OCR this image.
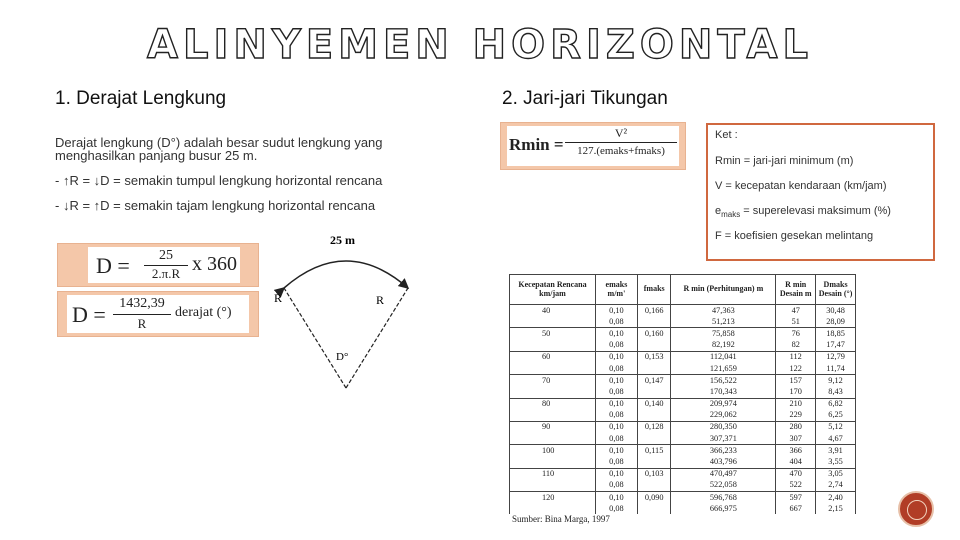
ALINYEMEN HORIZONTAL
1. Derajat Lengkung
Derajat lengkung (D°) adalah besar sudut lengkung yang menghasilkan panjang busur 25 m.
- ↑R = ↓D = semakin tumpul lengkung horizontal rencana
- ↓R = ↑D = semakin tajam lengkung horizontal rencana
D =	25
2.π.R x 360
D = 1432,39
R
derajat (°)
25 m
R	R
D°
2. Jari-jari Tikungan
Rmin =
V²
127.(emaks+fmaks)
Ket :
Rmin = jari-jari minimum (m)
V = kecepatan kendaraan (km/jam)
$e_{maks}$ = superelevasi maksimum (%)
F = koefisien gesekan melintang
Kecepatan Rencana km/jam	emaks m/m'	fmaks	R min (Perhitungan) m	R min Desain m	Dmaks Desain (°)
40	0,10	0,166	47,363	47	30,48
	0,08		51,213	51	28,09
50	0,10	0,160	75,858	76	18,85
	0,08		82,192	82	17,47
60	0,10	0,153	112,041	112	12,79
	0,08		121,659	122	11,74
70	0,10	0,147	156,522	157	9,12
	0,08		170,343	170	8,43
80	0,10	0,140	209,974	210	6,82
	0,08		229,062	229	6,25
90	0,10	0,128	280,350	280	5,12
	0,08		307,371	307	4,67
100	0,10	0,115	366,233	366	3,91
	0,08		403,796	404	3,55
110	0,10	0,103	470,497	470	3,05
	0,08		522,058	522	2,74
120	0,10	0,090	596,768	597	2,40
	0,08		666,975	667	2,15
Sumber: Bina Marga, 1997
